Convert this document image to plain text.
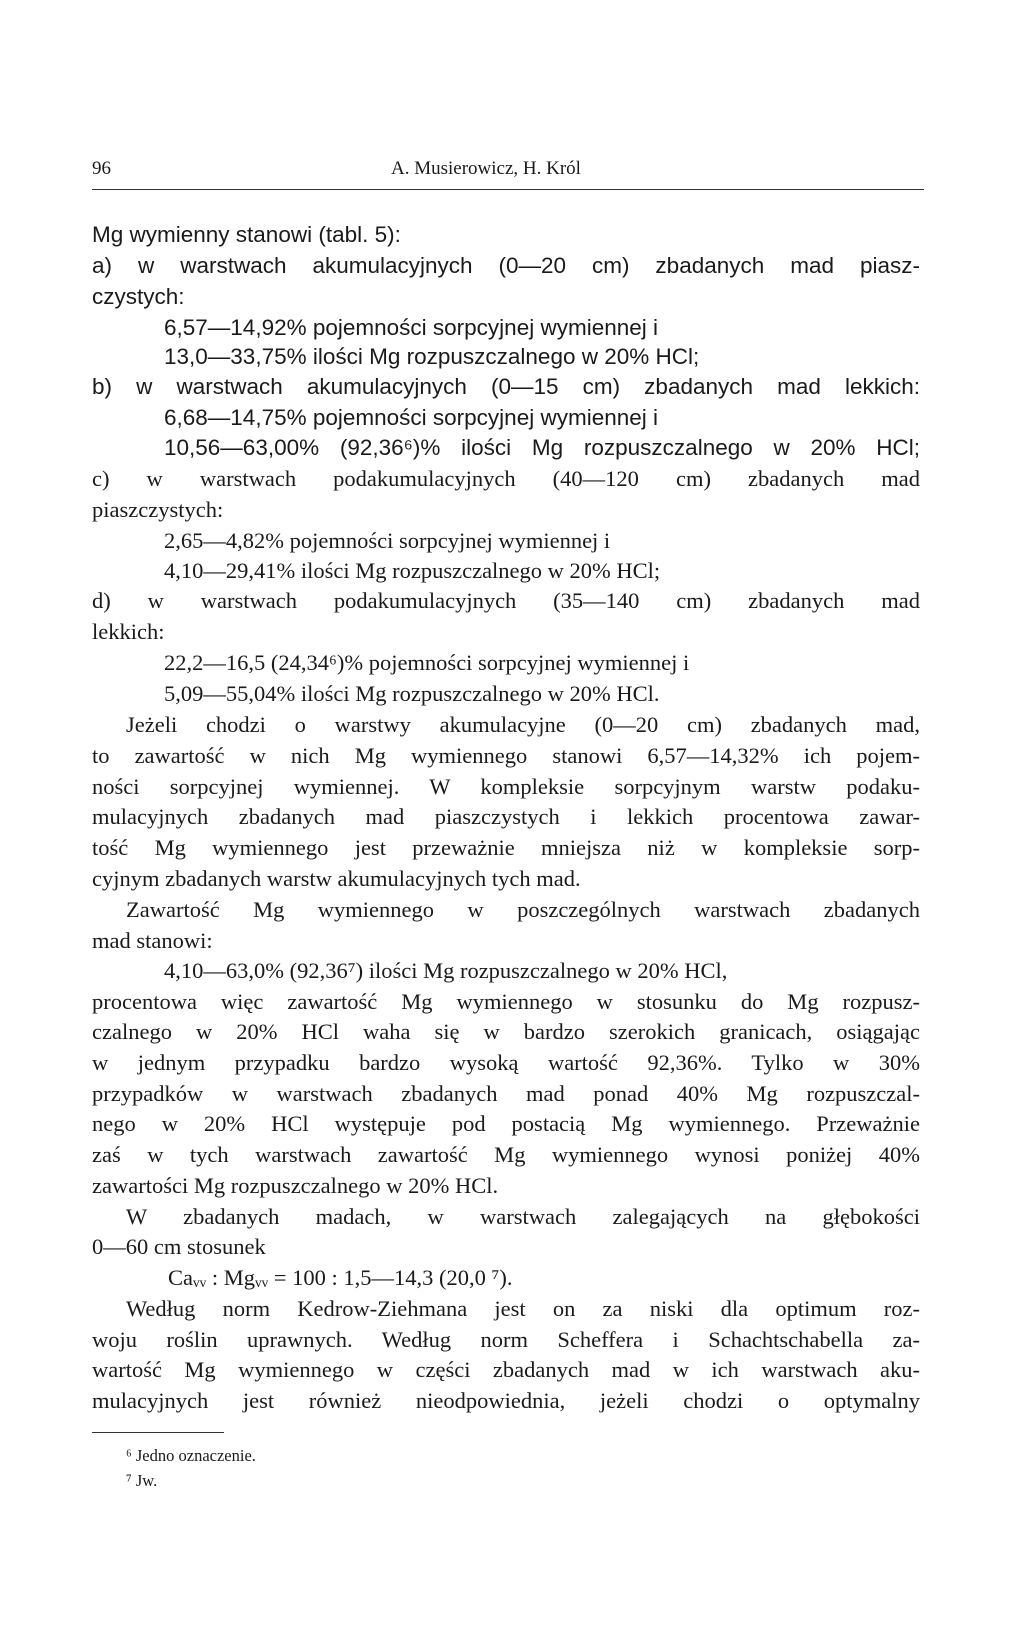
96	A. Musierowicz, H. Król
Mg wymienny stanowi (tabl. 5):
a) w warstwach akumulacyjnych (0—20 cm) zbadanych mad piasz-
czystych:
6,57—14,92% pojemności sorpcyjnej wymiennej i
13,0—33,75% ilości Mg rozpuszczalnego w 20% HCl;
b) w warstwach akumulacyjnych (0—15 cm) zbadanych mad lekkich:
6,68—14,75% pojemności sorpcyjnej wymiennej i
10,56—63,00% (92,36⁶)% ilości Mg rozpuszczalnego w 20% HCl;
c) w warstwach podakumulacyjnych (40—120 cm) zbadanych mad
piaszczystych:
2,65—4,82% pojemności sorpcyjnej wymiennej i
4,10—29,41% ilości Mg rozpuszczalnego w 20% HCl;
d) w warstwach podakumulacyjnych (35—140 cm) zbadanych mad
lekkich:
22,2—16,5 (24,34⁶)% pojemności sorpcyjnej wymiennej i
5,09—55,04% ilości Mg rozpuszczalnego w 20% HCl.
Jeżeli chodzi o warstwy akumulacyjne (0—20 cm) zbadanych mad,
to zawartość w nich Mg wymiennego stanowi 6,57—14,32% ich pojem-
ności sorpcyjnej wymiennej. W kompleksie sorpcyjnym warstw podaku-
mulacyjnych zbadanych mad piaszczystych i lekkich procentowa zawar-
tość Mg wymiennego jest przeważnie mniejsza niż w kompleksie sorp-
cyjnym zbadanych warstw akumulacyjnych tych mad.
Zawartość Mg wymiennego w poszczególnych warstwach zbadanych
mad stanowi:
4,10—63,0% (92,36⁷) ilości Mg rozpuszczalnego w 20% HCl,
procentowa więc zawartość Mg wymiennego w stosunku do Mg rozpusz-
czalnego w 20% HCl waha się w bardzo szerokich granicach, osiągając
w jednym przypadku bardzo wysoką wartość 92,36%. Tylko w 30%
przypadków w warstwach zbadanych mad ponad 40% Mg rozpuszczal-
nego w 20% HCl występuje pod postacią Mg wymiennego. Przeważnie
zaś w tych warstwach zawartość Mg wymiennego wynosi poniżej 40%
zawartości Mg rozpuszczalnego w 20% HCl.
W zbadanych madach, w warstwach zalegających na głębokości
0—60 cm stosunek
Caᵥᵥ : Mgᵥᵥ = 100 : 1,5—14,3 (20,0 ⁷).
Według norm Kedrow-Ziehmana jest on za niski dla optimum roz-
woju roślin uprawnych. Według norm Scheffera i Schachtschabella za-
wartość Mg wymiennego w części zbadanych mad w ich warstwach aku-
mulacyjnych jest również nieodpowiednia, jeżeli chodzi o optymalny
⁶ Jedno oznaczenie.
⁷ Jw.
